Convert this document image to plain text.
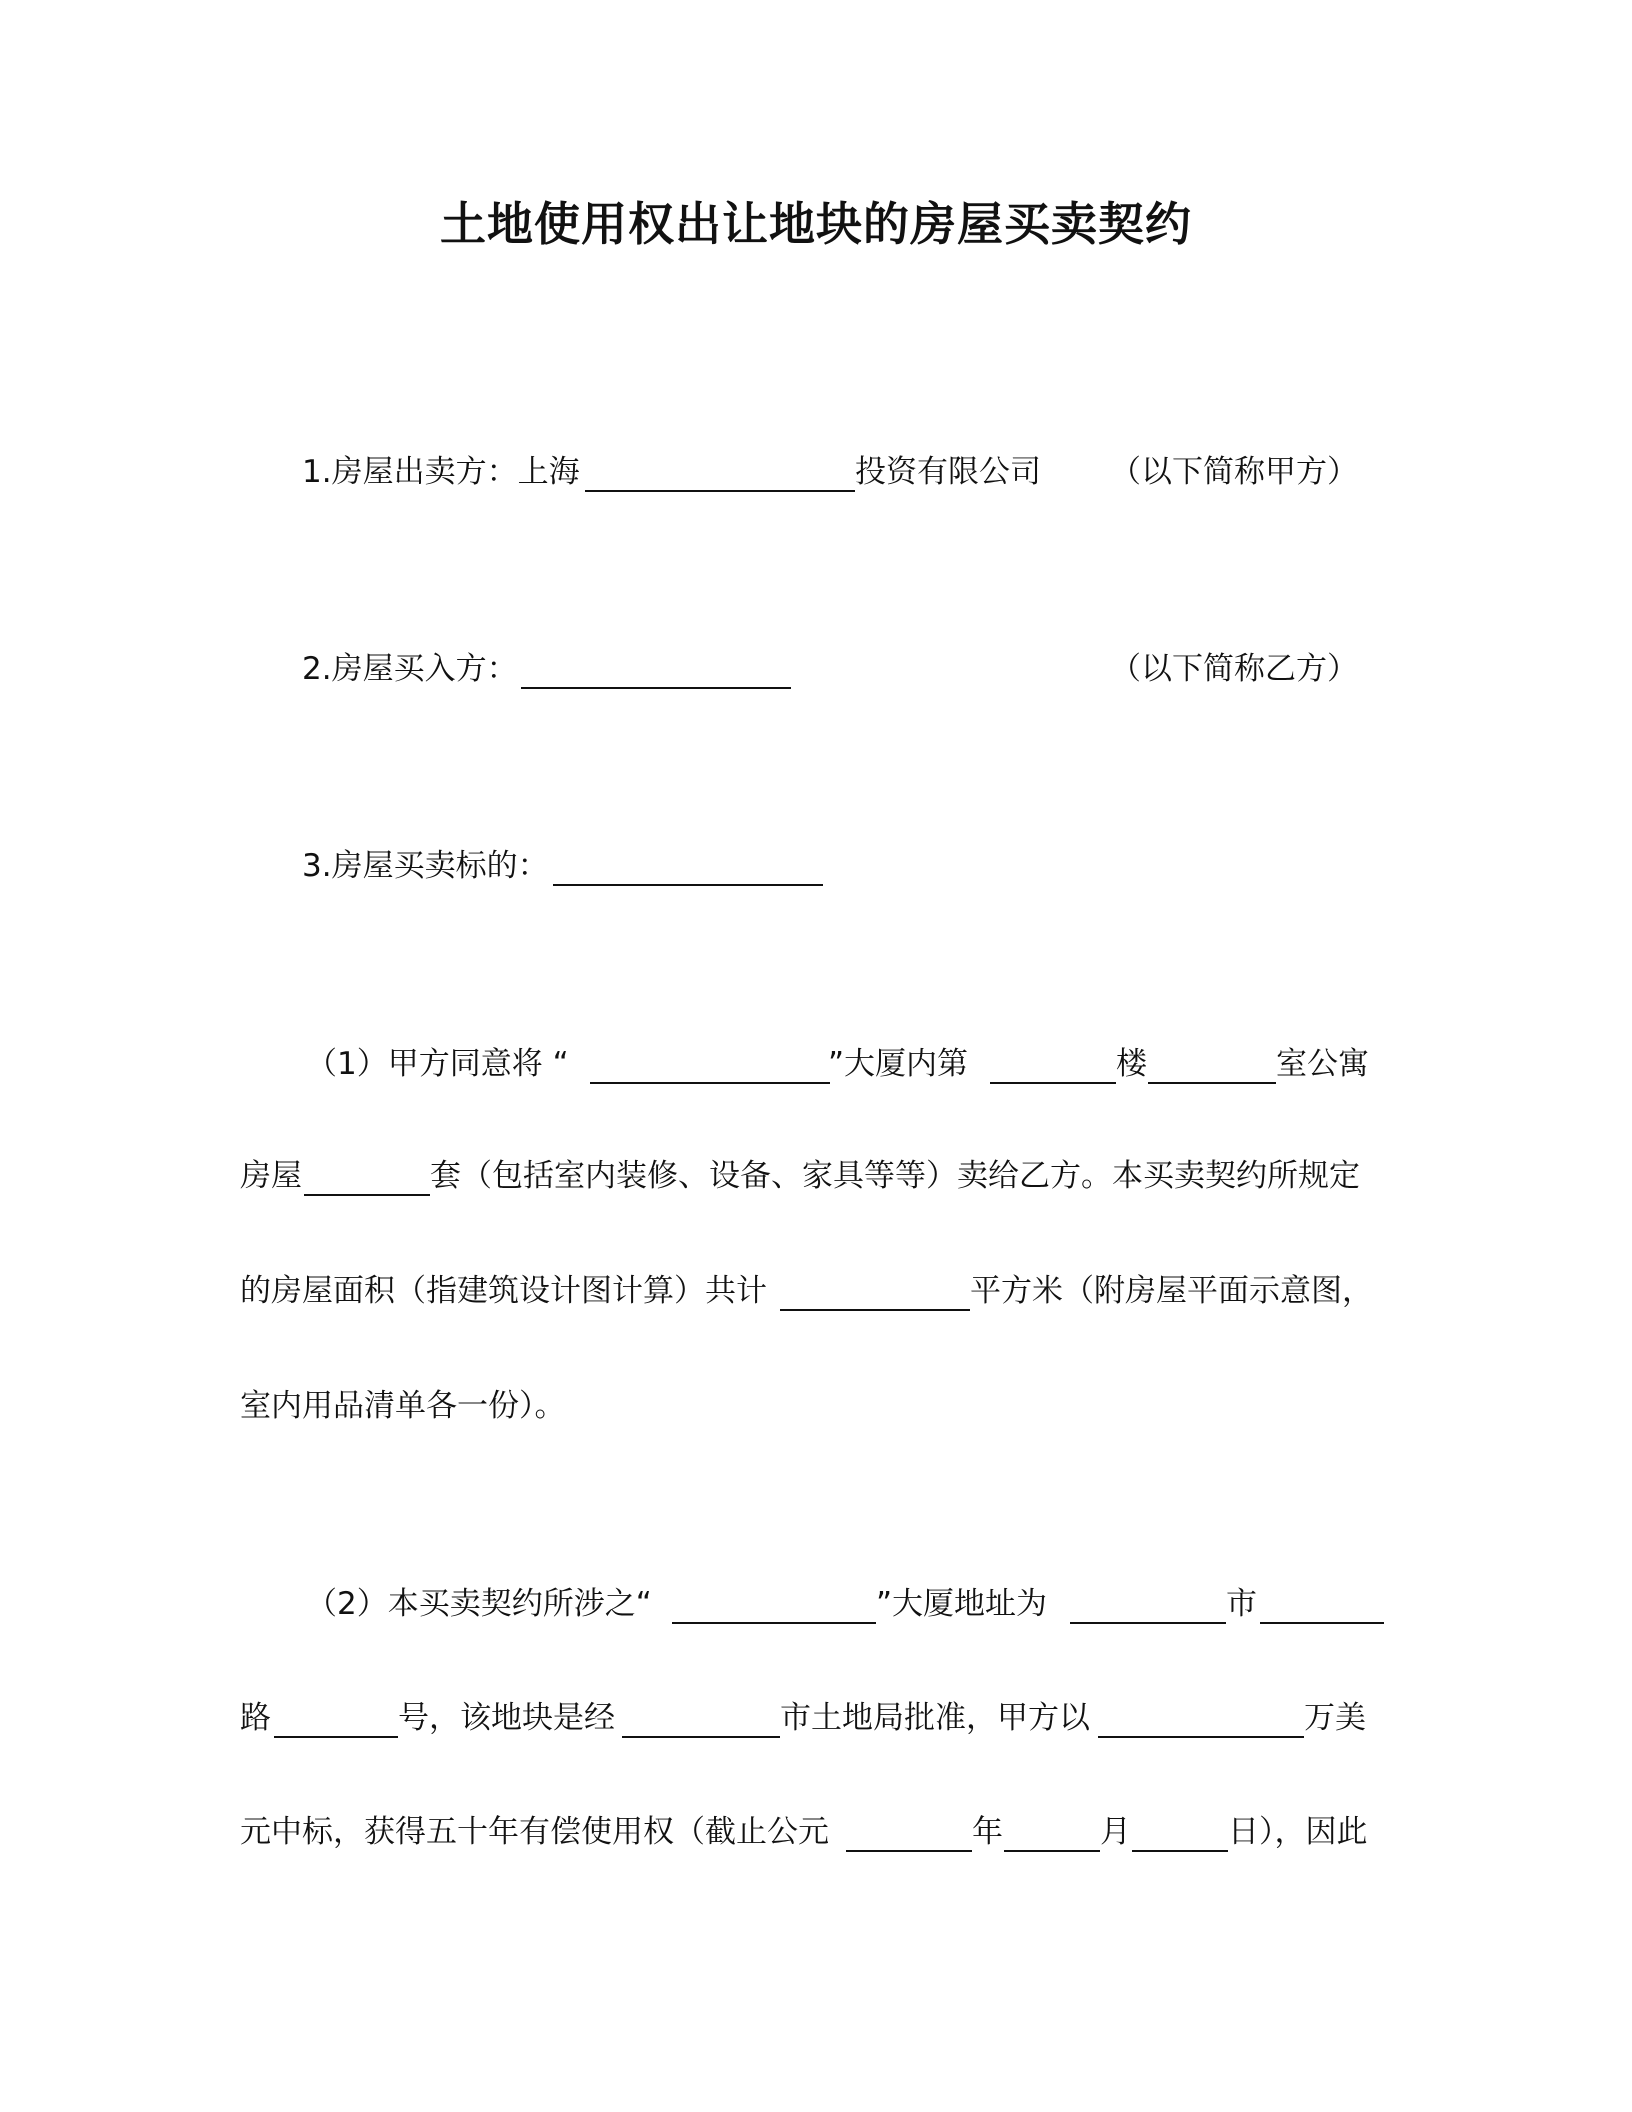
土地使用权出让地块的房屋买卖契约
1.房屋出卖方：上海	投资有限公司 （以下简称甲方）
2.房屋买入方：	（以下简称乙方）
3.房屋买卖标的：
（1）甲方同意将 “	”大厦内第	楼	室公寓
房屋	套（包括室内装修、设备、家具等等）卖给乙方。本买卖契约所规定
的房屋面积（指建筑设计图计算）共计	平方米（附房屋平面示意图，
室内用品清单各一份）。
（2）本买卖契约所涉之“	”大厦地址为	市
路	号，该地块是经	市土地局批准，甲方以	万美
元中标，获得五十年有偿使用权（截止公元	年	月	日），因此
